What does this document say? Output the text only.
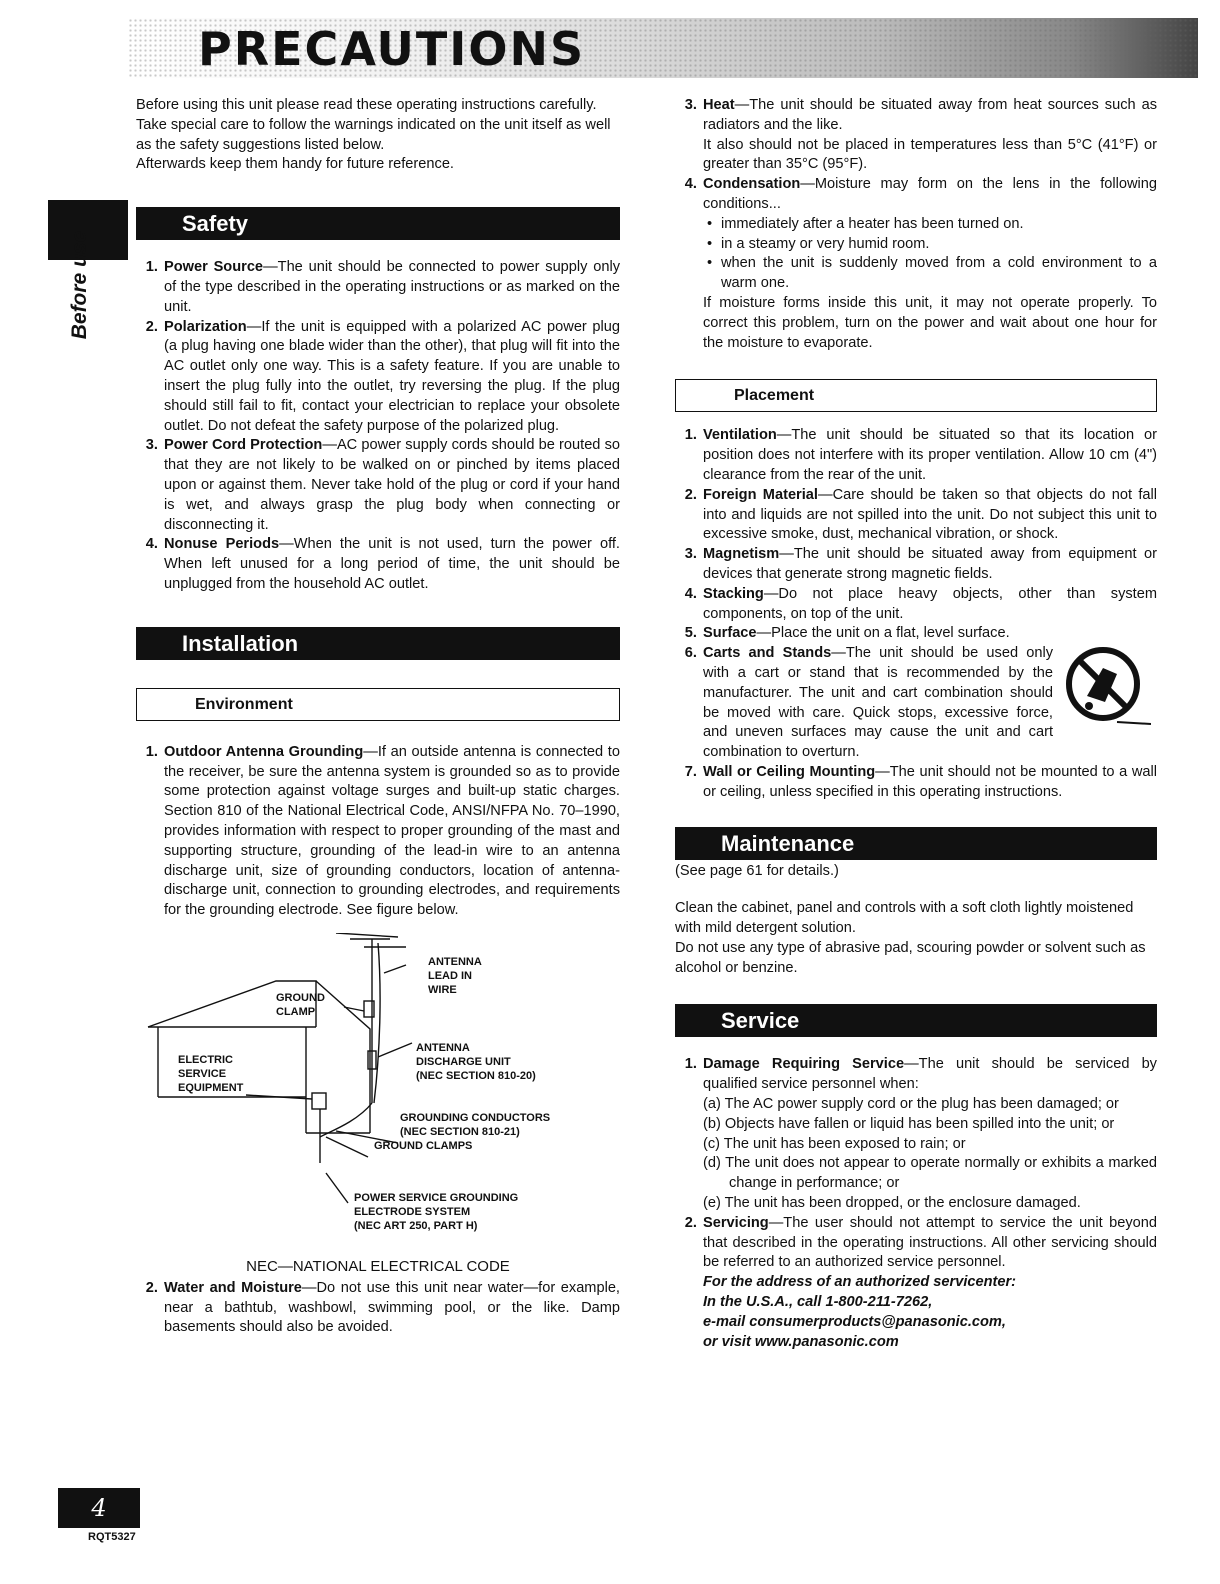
PRECAUTIONS
Before use

Before using this unit please read these operating instructions carefully. Take special care to follow the warnings indicated on the unit itself as well as the safety suggestions listed below.

Afterwards keep them handy for future reference.

Safety
1. Power Source—The unit should be connected to power supply only of the type described in the operating instructions or as marked on the unit.
2. Polarization—If the unit is equipped with a polarized AC power plug (a plug having one blade wider than the other), that plug will fit into the AC outlet only one way. This is a safety feature. If you are unable to insert the plug fully into the outlet, try reversing the plug. If the plug should still fail to fit, contact your electrician to replace your obsolete outlet. Do not defeat the safety purpose of the polarized plug.
3. Power Cord Protection—AC power supply cords should be routed so that they are not likely to be walked on or pinched by items placed upon or against them. Never take hold of the plug or cord if your hand is wet, and always grasp the plug body when connecting or disconnecting it.
4. Nonuse Periods—When the unit is not used, turn the power off. When left unused for a long period of time, the unit should be unplugged from the household AC outlet.
Installation
Environment
1. Outdoor Antenna Grounding—If an outside antenna is connected to the receiver, be sure the antenna system is grounded so as to provide some protection against voltage surges and built-up static charges. Section 810 of the National Electrical Code, ANSI/NFPA No. 70–1990, provides information with respect to proper grounding of the mast and supporting structure, grounding of the lead-in wire to an antenna discharge unit, size of grounding conductors, location of antenna-discharge unit, connection to grounding electrodes, and requirements for the grounding electrode. See figure below.
ANTENNA
LEAD IN
WIRE
GROUND
CLAMP
ANTENNA
DISCHARGE UNIT
(NEC SECTION 810-20)
ELECTRIC
SERVICE
EQUIPMENT
GROUNDING CONDUCTORS
(NEC SECTION 810-21)
GROUND CLAMPS
POWER SERVICE GROUNDING
ELECTRODE SYSTEM
(NEC ART 250, PART H)

NEC—NATIONAL ELECTRICAL CODE

2. Water and Moisture—Do not use this unit near water—for example, near a bathtub, washbowl, swimming pool, or the like. Damp basements should also be avoided.
3. Heat—The unit should be situated away from heat sources such as radiators and the like.

It also should not be placed in temperatures less than 5°C (41°F) or greater than 35°C (95°F).

4. Condensation—Moisture may form on the lens in the following conditions...
• immediately after a heater has been turned on.
• in a steamy or very humid room.
• when the unit is suddenly moved from a cold environment to a warm one.

If moisture forms inside this unit, it may not operate properly. To correct this problem, turn on the power and wait about one hour for the moisture to evaporate.

Placement
1. Ventilation—The unit should be situated so that its location or position does not interfere with its proper ventilation. Allow 10 cm (4") clearance from the rear of the unit.
2. Foreign Material—Care should be taken so that objects do not fall into and liquids are not spilled into the unit. Do not subject this unit to excessive smoke, dust, mechanical vibration, or shock.
3. Magnetism—The unit should be situated away from equipment or devices that generate strong magnetic fields.
4. Stacking—Do not place heavy objects, other than system components, on top of the unit.
5. Surface—Place the unit on a flat, level surface.
6. Carts and Stands—The unit should be used only with a cart or stand that is recommended by the manufacturer. The unit and cart combination should be moved with care. Quick stops, excessive force, and uneven surfaces may cause the unit and cart combination to overturn.
7. Wall or Ceiling Mounting—The unit should not be mounted to a wall or ceiling, unless specified in this operating instructions.
Maintenance

(See page 61 for details.)

Clean the cabinet, panel and controls with a soft cloth lightly moistened with mild detergent solution.

Do not use any type of abrasive pad, scouring powder or solvent such as alcohol or benzine.

Service
1. Damage Requiring Service—The unit should be serviced by qualified service personnel when:
(a) The AC power supply cord or the plug has been damaged; or
(b) Objects have fallen or liquid has been spilled into the unit; or
(c) The unit has been exposed to rain; or
(d) The unit does not appear to operate normally or exhibits a marked change in performance; or
(e) The unit has been dropped, or the enclosure damaged.
2. Servicing—The user should not attempt to service the unit beyond that described in the operating instructions. All other servicing should be referred to an authorized service personnel.

For the address of an authorized servicenter:

In the U.S.A., call 1-800-211-7262,

e-mail consumerproducts@panasonic.com,

or visit www.panasonic.com

4
RQT5327
